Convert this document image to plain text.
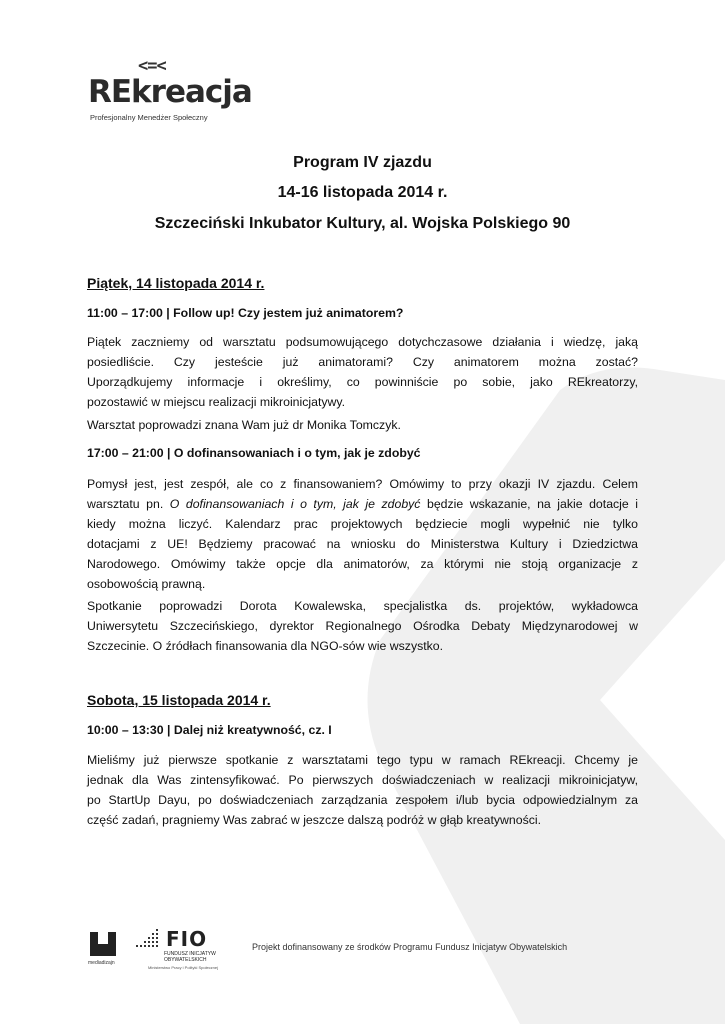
<=<
REkreacja
Profesjonalny Menedżer Społeczny
Program IV zjazdu
14-16 listopada 2014 r.
Szczeciński Inkubator Kultury, al. Wojska Polskiego 90
Piątek, 14 listopada 2014 r.
11:00 – 17:00 | Follow up! Czy jestem już animatorem?
Piątek zaczniemy od warsztatu podsumowującego dotychczasowe działania i wiedzę, jaką
posiedliście. Czy jesteście już animatorami? Czy animatorem można zostać?
Uporządkujemy informacje i określimy, co powinniście po sobie, jako REkreatorzy,
pozostawić w miejscu realizacji mikroinicjatywy.
Warsztat poprowadzi znana Wam już dr Monika Tomczyk.
17:00 – 21:00 | O dofinansowaniach i o tym, jak je zdobyć
Pomysł jest, jest zespół, ale co z finansowaniem? Omówimy to przy okazji IV zjazdu. Celem
warsztatu pn. O dofinansowaniach i o tym, jak je zdobyć będzie wskazanie, na jakie dotacje i
kiedy można liczyć. Kalendarz prac projektowych będziecie mogli wypełnić nie tylko
dotacjami z UE! Będziemy pracować na wniosku do Ministerstwa Kultury i Dziedzictwa
Narodowego. Omówimy także opcje dla animatorów, za którymi nie stoją organizacje z
osobowością prawną.
Spotkanie poprowadzi Dorota Kowalewska, specjalistka ds. projektów, wykładowca
Uniwersytetu Szczecińskiego, dyrektor Regionalnego Ośrodka Debaty Międzynarodowej w
Szczecinie. O źródłach finansowania dla NGO-sów wie wszystko.
Sobota, 15 listopada 2014 r.
10:00 – 13:30 | Dalej niż kreatywność, cz. I
Mieliśmy już pierwsze spotkanie z warsztatami tego typu w ramach REkreacji. Chcemy je
jednak dla Was zintensyfikować. Po pierwszych doświadczeniach w realizacji mikroinicjatyw,
po StartUp Dayu, po doświadczeniach zarządzania zespołem i/lub bycia odpowiedzialnym za
część zadań, pragniemy Was zabrać w jeszcze dalszą podróż w głąb kreatywności.
mediadizajn
FIO
FUNDUSZ INICJATYW OBYWATELSKICH
Ministerstwo Pracy i Polityki Społecznej
Projekt dofinansowany ze środków Programu Fundusz Inicjatyw Obywatelskich
